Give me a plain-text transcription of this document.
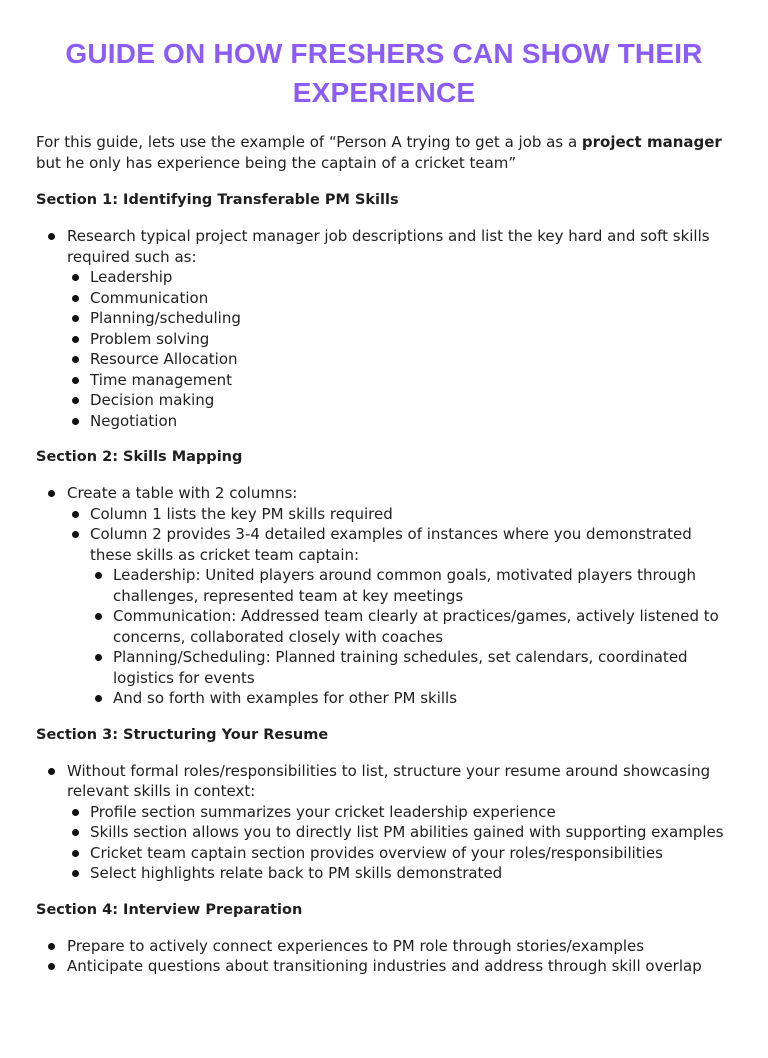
GUIDE ON HOW FRESHERS CAN SHOW THEIR EXPERIENCE

For this guide, lets use the example of “Person A trying to get a job as a project manager but he only has experience being the captain of a cricket team”

Section 1: Identifying Transferable PM Skills
Research typical project manager job descriptions and list the key hard and soft skills required such as:
Leadership
Communication
Planning/scheduling
Problem solving
Resource Allocation
Time management
Decision making
Negotiation
Section 2: Skills Mapping
Create a table with 2 columns:
Column 1 lists the key PM skills required
Column 2 provides 3-4 detailed examples of instances where you demonstrated these skills as cricket team captain:
Leadership: United players around common goals, motivated players through challenges, represented team at key meetings
Communication: Addressed team clearly at practices/games, actively listened to concerns, collaborated closely with coaches
Planning/Scheduling: Planned training schedules, set calendars, coordinated logistics for events
And so forth with examples for other PM skills
Section 3: Structuring Your Resume
Without formal roles/responsibilities to list, structure your resume around showcasing relevant skills in context:
Profile section summarizes your cricket leadership experience
Skills section allows you to directly list PM abilities gained with supporting examples
Cricket team captain section provides overview of your roles/responsibilities
Select highlights relate back to PM skills demonstrated
Section 4: Interview Preparation
Prepare to actively connect experiences to PM role through stories/examples
Anticipate questions about transitioning industries and address through skill overlap
